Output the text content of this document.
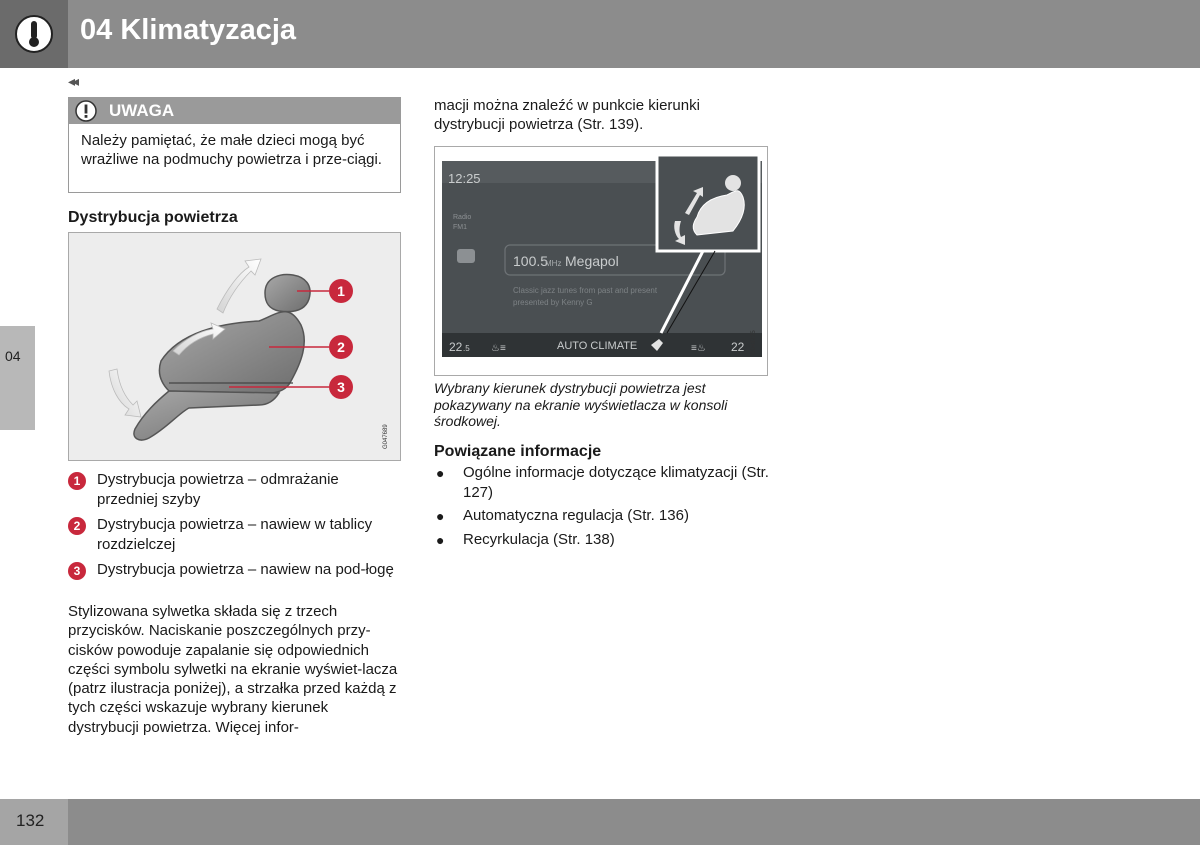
04 Klimatyzacja
◂◂
04
UWAGA
Należy pamiętać, że małe dzieci mogą być wrażliwe na podmuchy powietrza i prze-ciągi.
Dystrybucja powietrza
1
2
3
G047689
1	Dystrybucja powietrza – odmrażanie przedniej szyby
2	Dystrybucja powietrza – nawiew w tablicy rozdzielczej
3	Dystrybucja powietrza – nawiew na pod-łogę
Stylizowana sylwetka składa się z trzech przycisków. Naciskanie poszczególnych przy-cisków powoduje zapalanie się odpowiednich części symbolu sylwetki na ekranie wyświet-lacza (patrz ilustracja poniżej), a strzałka przed każdą z tych części wskazuje wybrany kierunek dystrybucji powietrza. Więcej infor-
macji można znaleźć w punkcie kierunki dystrybucji powietrza (Str. 139).
12:25
Radio
FM1
100.5
MHz Megapol
Classic jazz tunes from past and present
presented by Kenny G
22 .5 ♨≡	AUTO CLIMATE	≡♨ 22 G043725
Wybrany kierunek dystrybucji powietrza jest pokazywany na ekranie wyświetlacza w konsoli środkowej.
Powiązane informacje
● Ogólne informacje dotyczące klimatyzacji (Str. 127)
● Automatyczna regulacja (Str. 136)
● Recyrkulacja (Str. 138)
132
